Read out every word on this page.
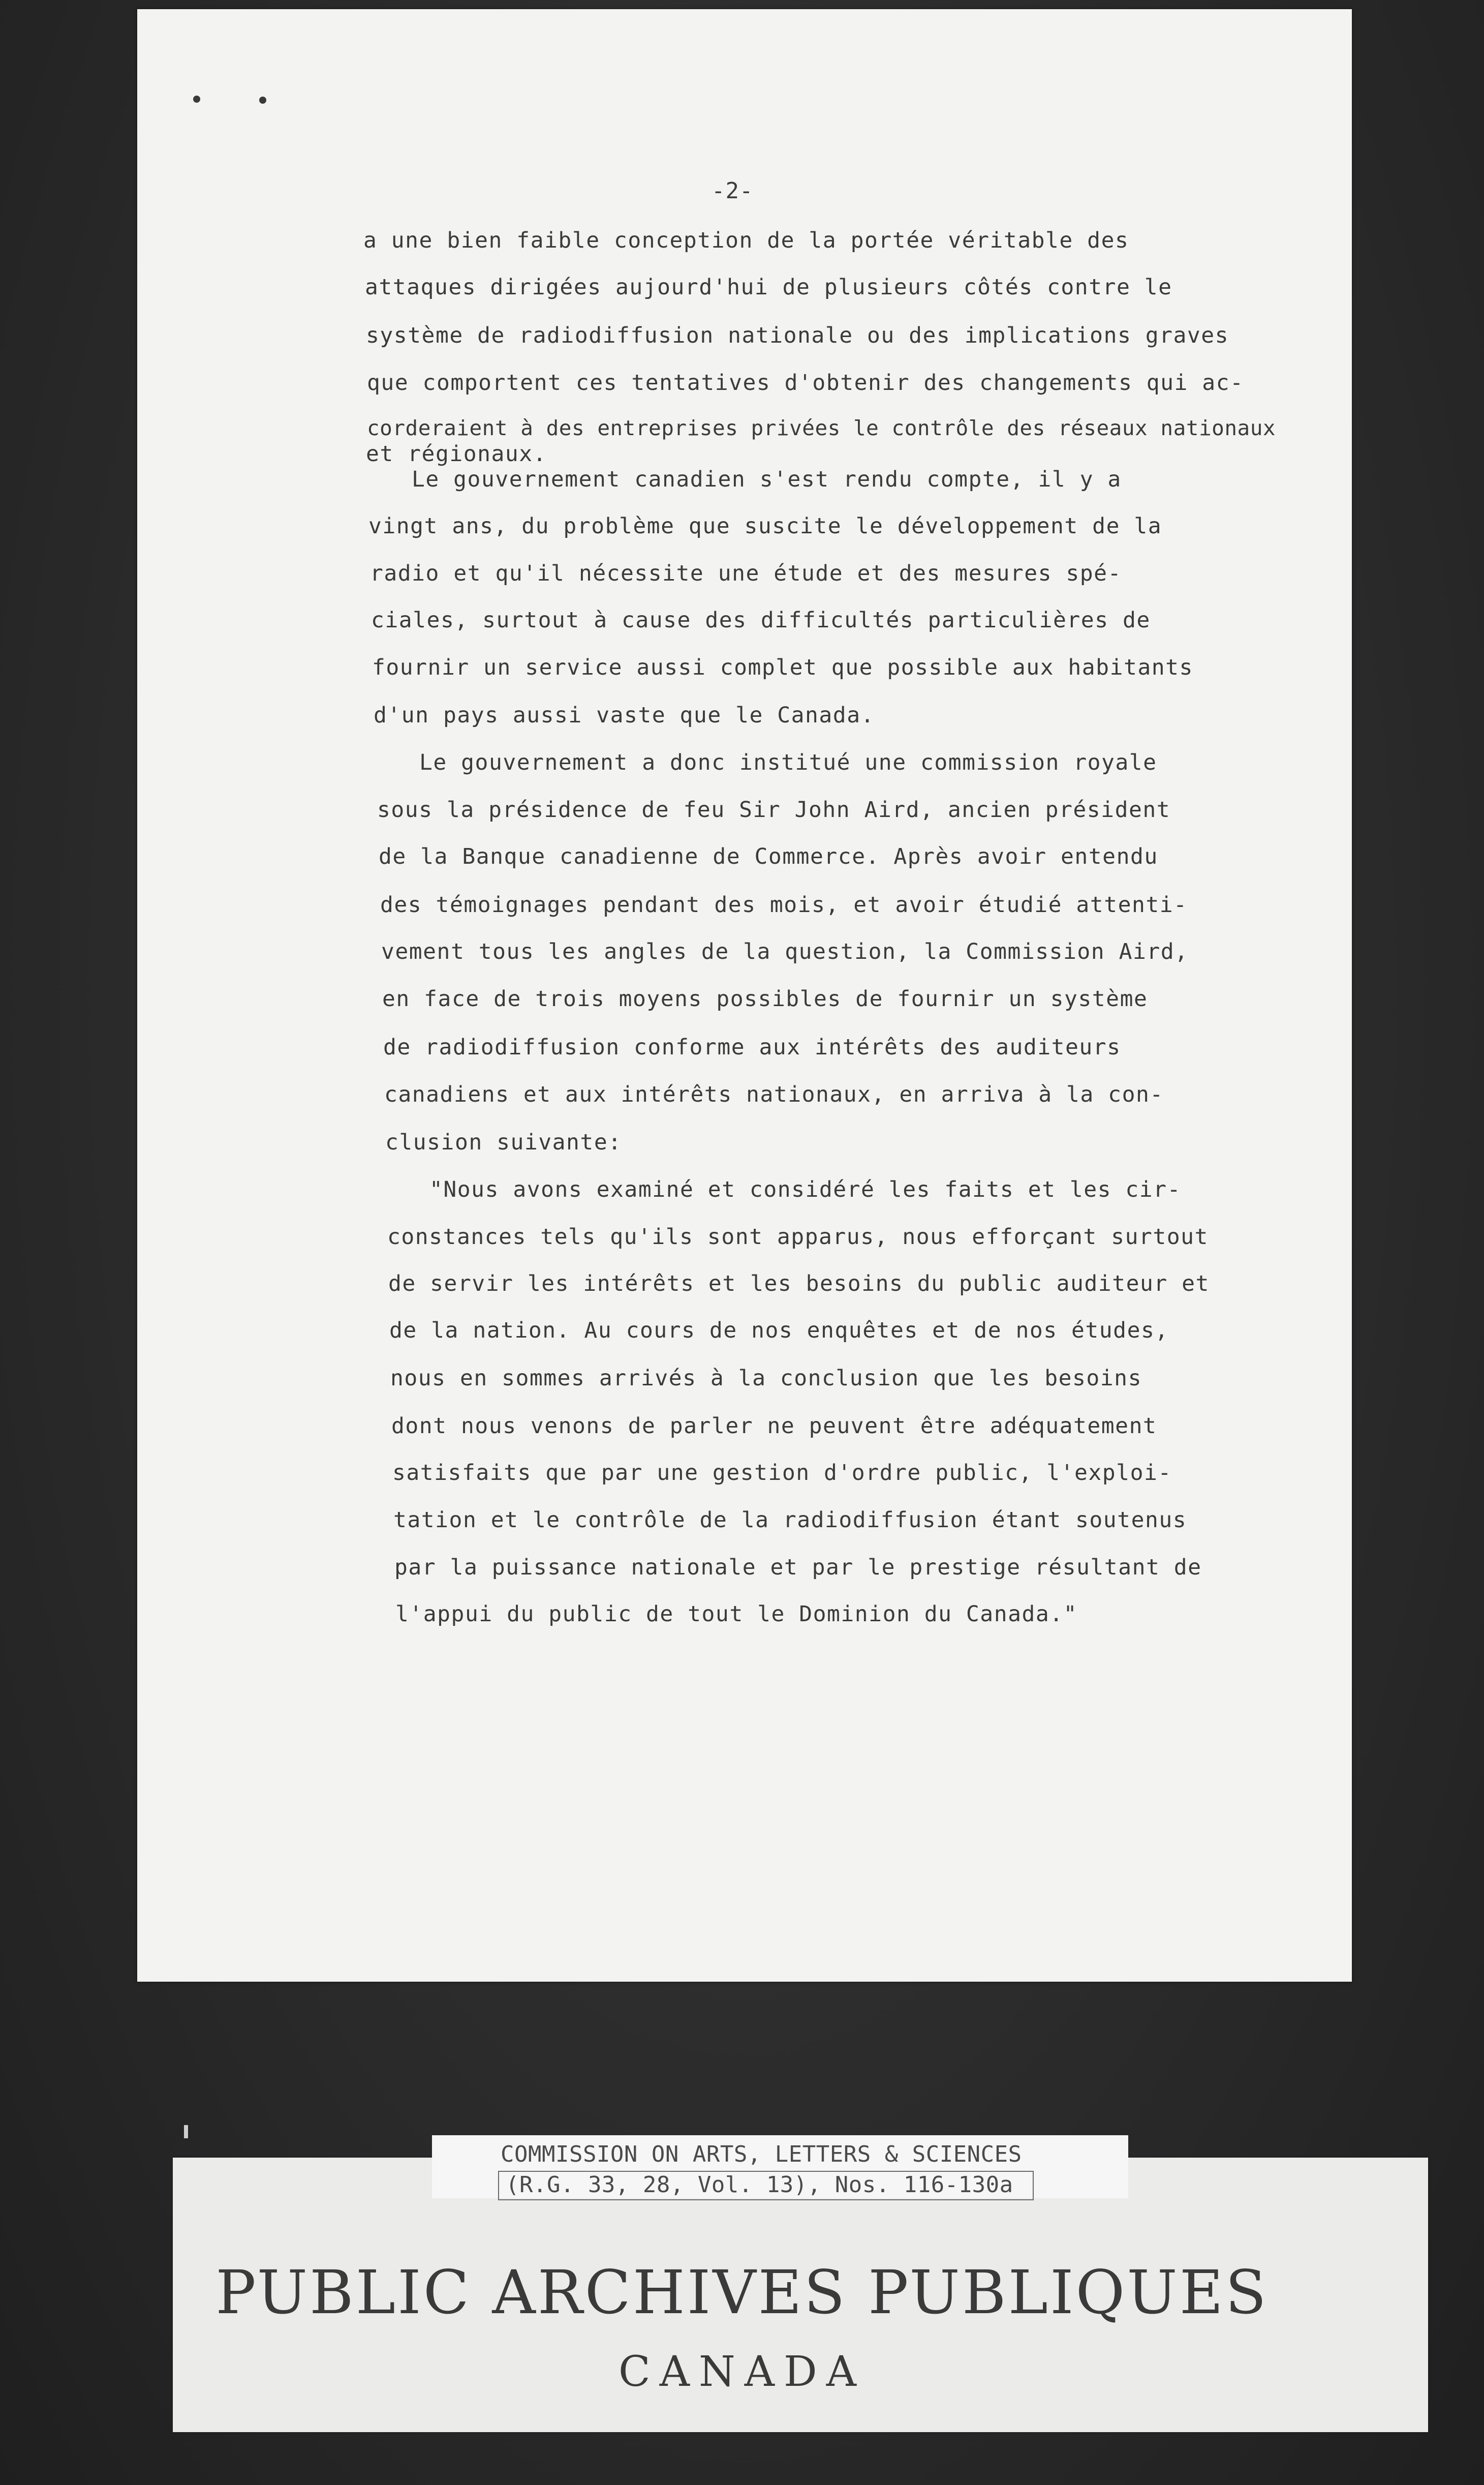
-2-
a une bien faible conception de la portée véritable des
attaques dirigées aujourd'hui de plusieurs côtés contre le
système de radiodiffusion nationale ou des implications graves
que comportent ces tentatives d'obtenir des changements qui ac-
corderaient à des entreprises privées le contrôle des réseaux nationaux
et régionaux.
Le gouvernement canadien s'est rendu compte, il y a
vingt ans, du problème que suscite le développement de la
radio et qu'il nécessite une étude et des mesures spé-
ciales, surtout à cause des difficultés particulières de
fournir un service aussi complet que possible aux habitants
d'un pays aussi vaste que le Canada.
Le gouvernement a donc institué une commission royale
sous la présidence de feu Sir John Aird, ancien président
de la Banque canadienne de Commerce. Après avoir entendu
des témoignages pendant des mois, et avoir étudié attenti-
vement tous les angles de la question, la Commission Aird,
en face de trois moyens possibles de fournir un système
de radiodiffusion conforme aux intérêts des auditeurs
canadiens et aux intérêts nationaux, en arriva à la con-
clusion suivante:
"Nous avons examiné et considéré les faits et les cir-
constances tels qu'ils sont apparus, nous efforçant surtout
de servir les intérêts et les besoins du public auditeur et
de la nation. Au cours de nos enquêtes et de nos études,
nous en sommes arrivés à la conclusion que les besoins
dont nous venons de parler ne peuvent être adéquatement
satisfaits que par une gestion d'ordre public, l'exploi-
tation et le contrôle de la radiodiffusion étant soutenus
par la puissance nationale et par le prestige résultant de
l'appui du public de tout le Dominion du Canada."
COMMISSION ON ARTS, LETTERS & SCIENCES
(R.G. 33, 28, Vol. 13), Nos. 116-130a
PUBLIC ARCHIVES PUBLIQUES
CANADA
